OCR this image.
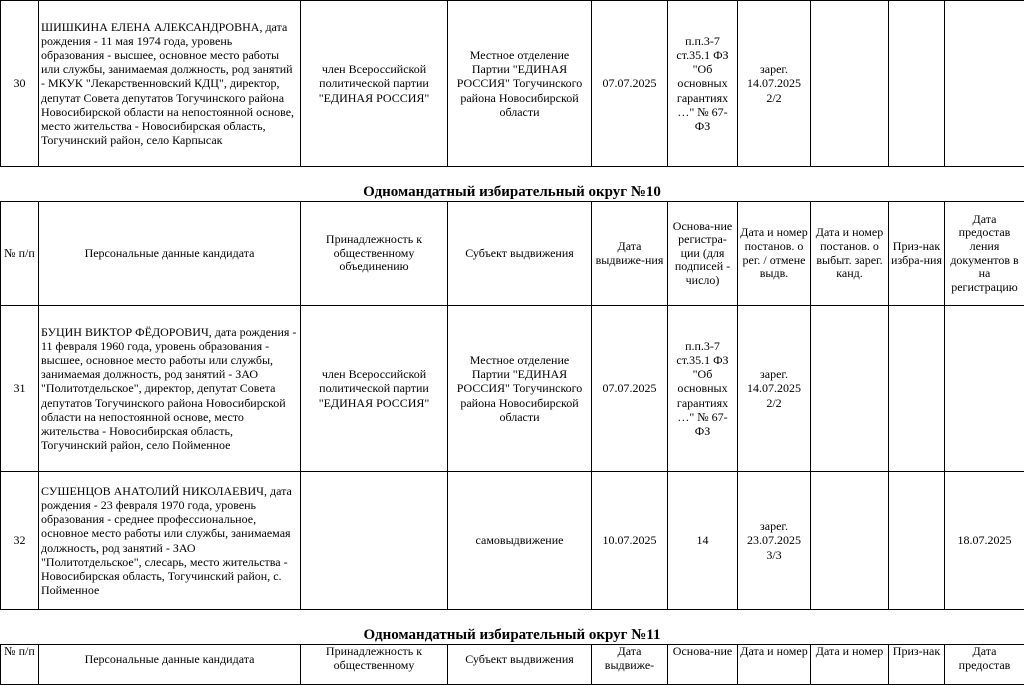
30	ШИШКИНА ЕЛЕНА АЛЕКСАНДРОВНА, дата рождения - 11 мая 1974 года, уровень образования - высшее, основное место работы или службы, занимаемая должность, род занятий - МКУК "Лекарственновский КДЦ", директор, депутат Совета депутатов Тогучинского района Новосибирской области на непостоянной основе, место жительства - Новосибирская область, Тогучинский район, село Карпысак	член Всероссийской политической партии "ЕДИНАЯ РОССИЯ"	Местное отделение Партии "ЕДИНАЯ РОССИЯ" Тогучинского района Новосибирской области	07.07.2025	п.п.3-7 ст.35.1 ФЗ "Об основных гарантиях …" № 67-ФЗ	зарег. 14.07.2025 2/2			
Одномандатный избирательный округ №10
№ п/п	Персональные данные кандидата	Принадлежность к общественному объединению	Субъект выдвижения	Дата выдвиже-ния	Основа-ние регистра-ции (для подписей - число)	Дата и номер постанов. о рег. / отмене выдв.	Дата и номер постанов. о выбыт. зарег. канд.	Приз-нак избра-ния	Дата предостав ления документов в на регистрацию
31	БУЦИН ВИКТОР ФЁДОРОВИЧ, дата рождения - 11 февраля 1960 года, уровень образования - высшее, основное место работы или службы, занимаемая должность, род занятий - ЗАО "Политотдельское", директор, депутат Совета депутатов Тогучинского района Новосибирской области на непостоянной основе, место жительства - Новосибирская область, Тогучинский район, село Пойменное	член Всероссийской политической партии "ЕДИНАЯ РОССИЯ"	Местное отделение Партии "ЕДИНАЯ РОССИЯ" Тогучинского района Новосибирской области	07.07.2025	п.п.3-7 ст.35.1 ФЗ "Об основных гарантиях …" № 67-ФЗ	зарег. 14.07.2025 2/2			
32	СУШЕНЦОВ АНАТОЛИЙ НИКОЛАЕВИЧ, дата рождения - 23 февраля 1970 года, уровень образования - среднее профессиональное, основное место работы или службы, занимаемая должность, род занятий - ЗАО "Политотдельское", слесарь, место жительства - Новосибирская область, Тогучинский район, с. Пойменное		самовыдвижение	10.07.2025	14	зарег. 23.07.2025 3/3			18.07.2025
Одномандатный избирательный округ №11
№ п/п	Персональные данные кандидата	Принадлежность к общественному	Субъект выдвижения	Дата выдвиже-	Основа-ние	Дата и номер	Дата и номер	Приз-нак	Дата предостав
